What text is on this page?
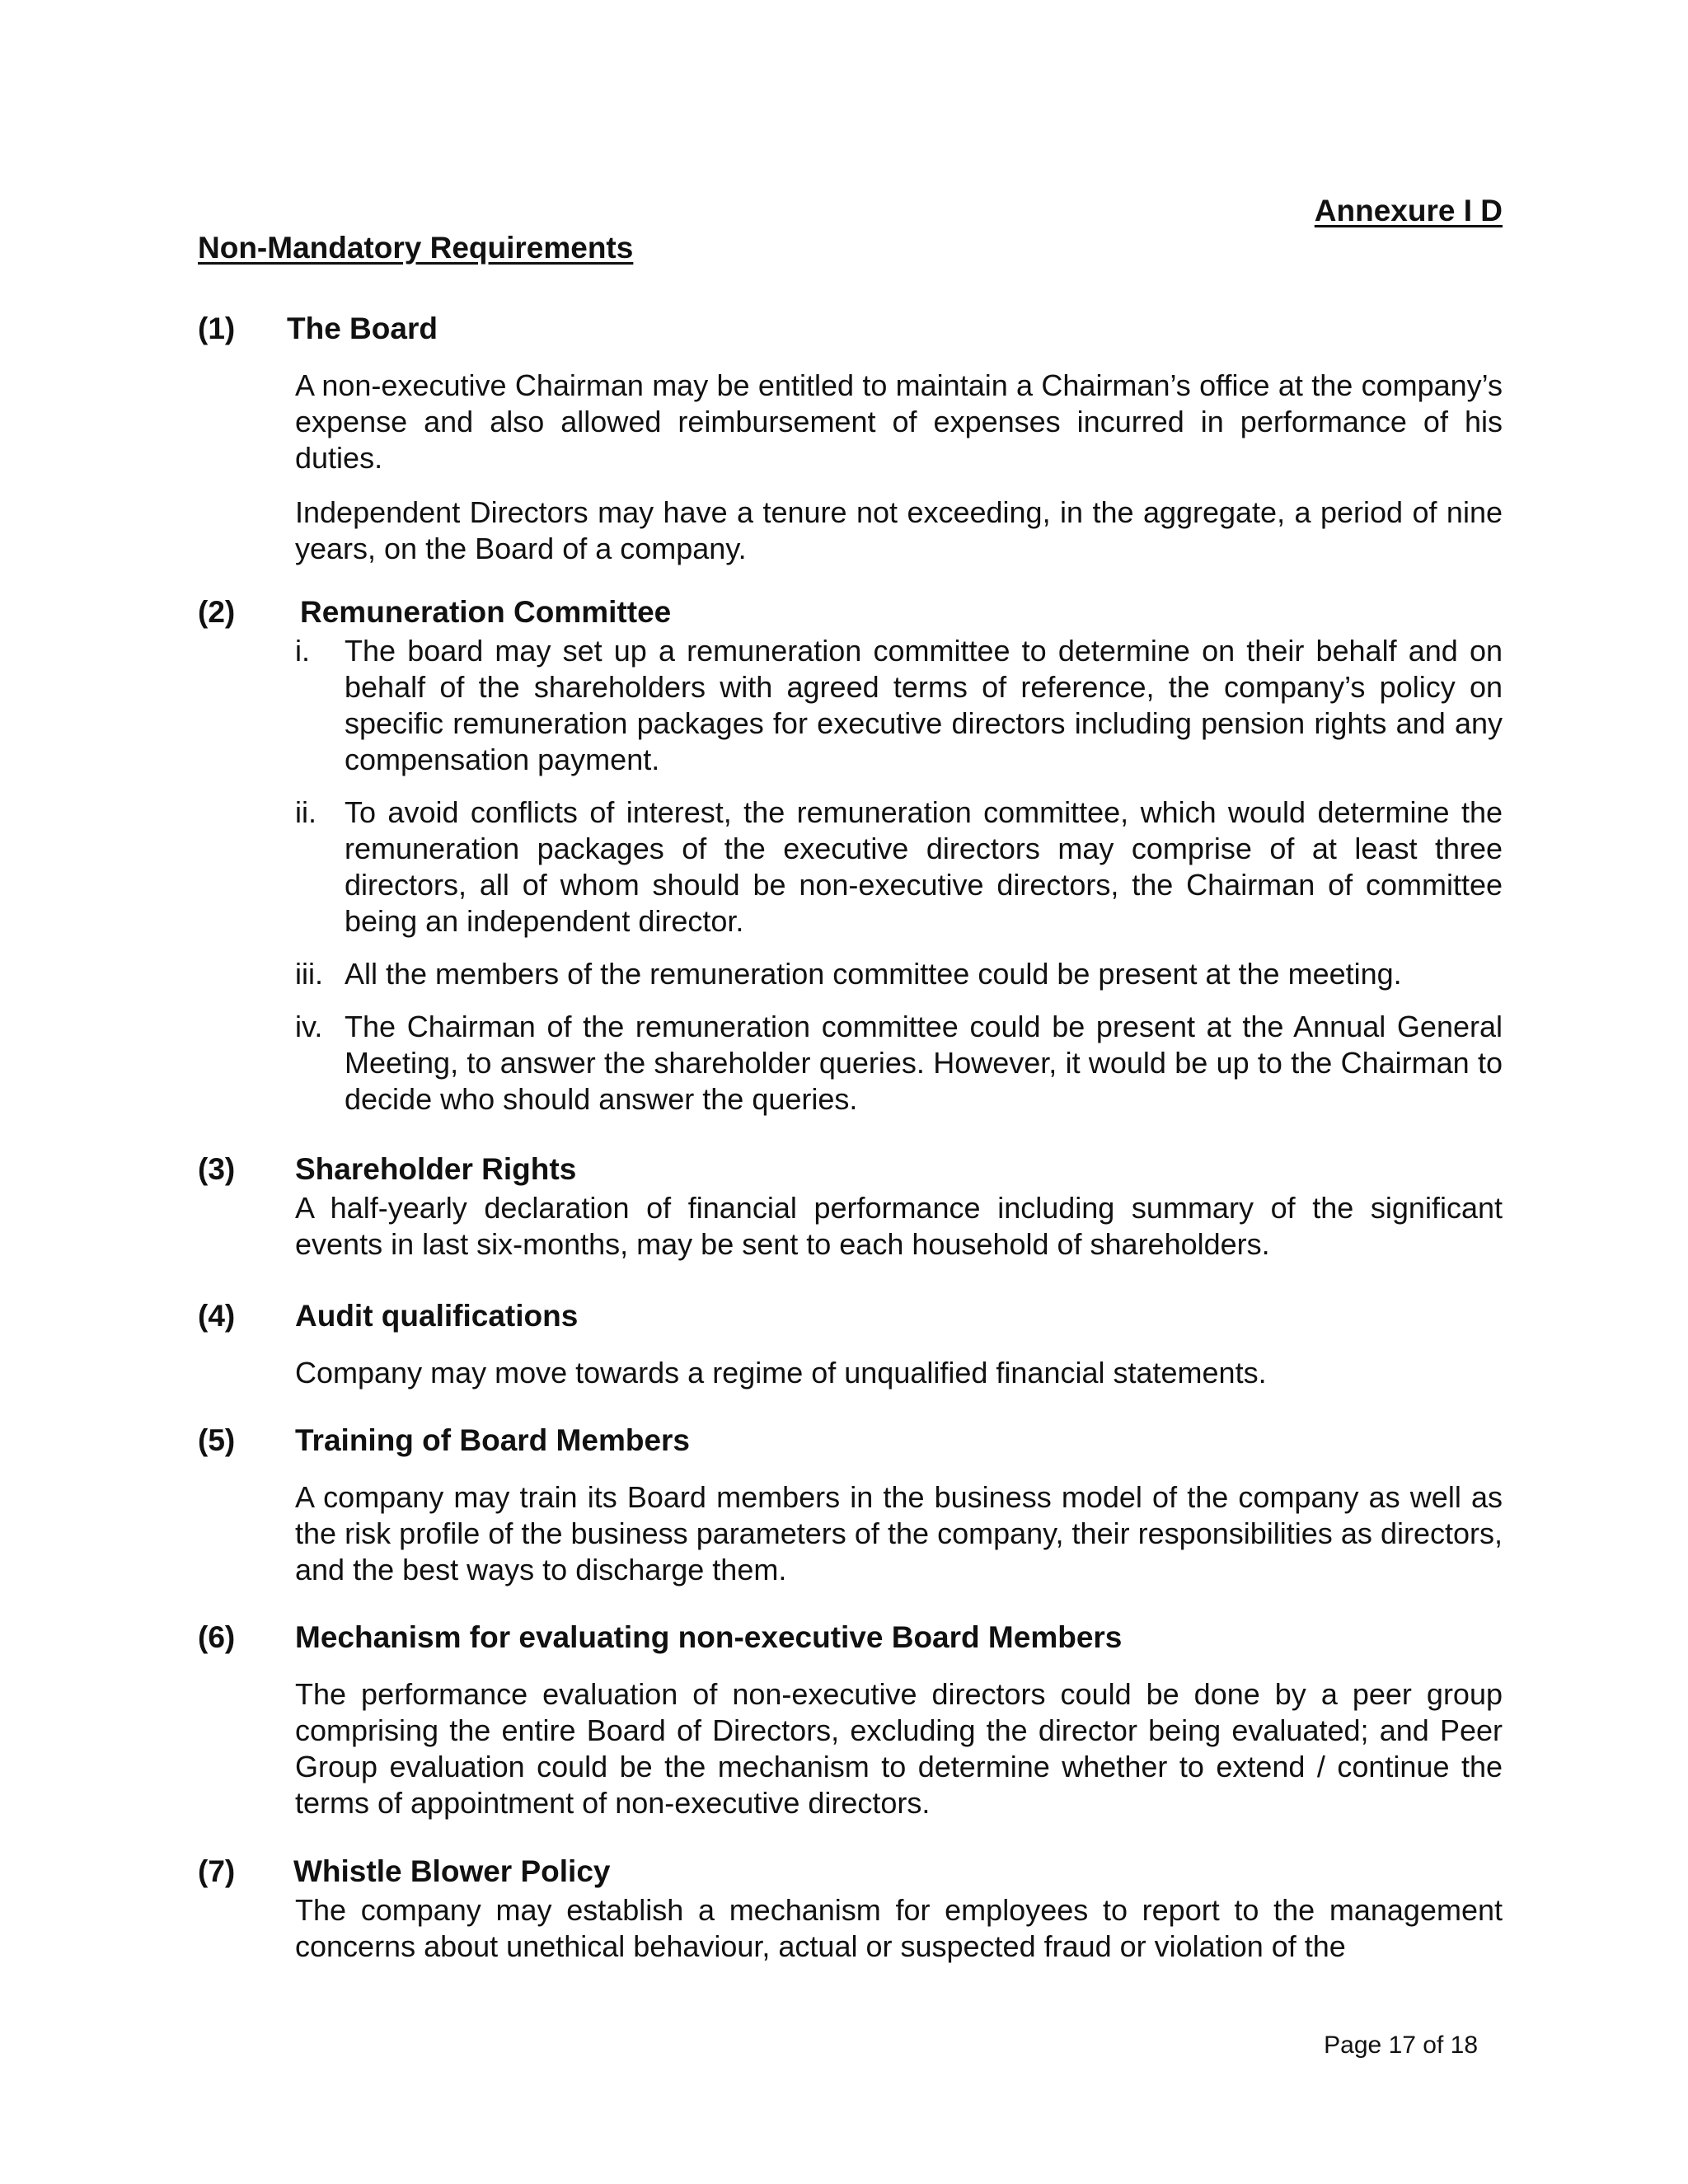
Annexure I D
Non-Mandatory Requirements
(1) The Board
A non-executive Chairman may be entitled to maintain a Chairman’s office at the company’s expense and also allowed reimbursement of expenses incurred in performance of his duties.
Independent Directors may have a tenure not exceeding, in the aggregate, a period of nine years, on the Board of a company.
(2) Remuneration Committee
i. The board may set up a remuneration committee to determine on their behalf and on behalf of the shareholders with agreed terms of reference, the company’s policy on specific remuneration packages for executive directors including pension rights and any compensation payment.
ii. To avoid conflicts of interest, the remuneration committee, which would determine the remuneration packages of the executive directors may comprise of at least three directors, all of whom should be non-executive directors, the Chairman of committee being an independent director.
iii. All the members of the remuneration committee could be present at the meeting.
iv. The Chairman of the remuneration committee could be present at the Annual General Meeting, to answer the shareholder queries. However, it would be up to the Chairman to decide who should answer the queries.
(3) Shareholder Rights
A half-yearly declaration of financial performance including summary of the significant events in last six-months, may be sent to each household of shareholders.
(4) Audit qualifications
Company may move towards a regime of unqualified financial statements.
(5) Training of Board Members
A company may train its Board members in the business model of the company as well as the risk profile of the business parameters of the company, their responsibilities as directors, and the best ways to discharge them.
(6) Mechanism for evaluating non-executive Board Members
The performance evaluation of non-executive directors could be done by a peer group comprising the entire Board of Directors, excluding the director being evaluated; and Peer Group evaluation could be the mechanism to determine whether to extend / continue the terms of appointment of non-executive directors.
(7) Whistle Blower Policy
The company may establish a mechanism for employees to report to the management concerns about unethical behaviour, actual or suspected fraud or violation of the
Page 17 of 18
